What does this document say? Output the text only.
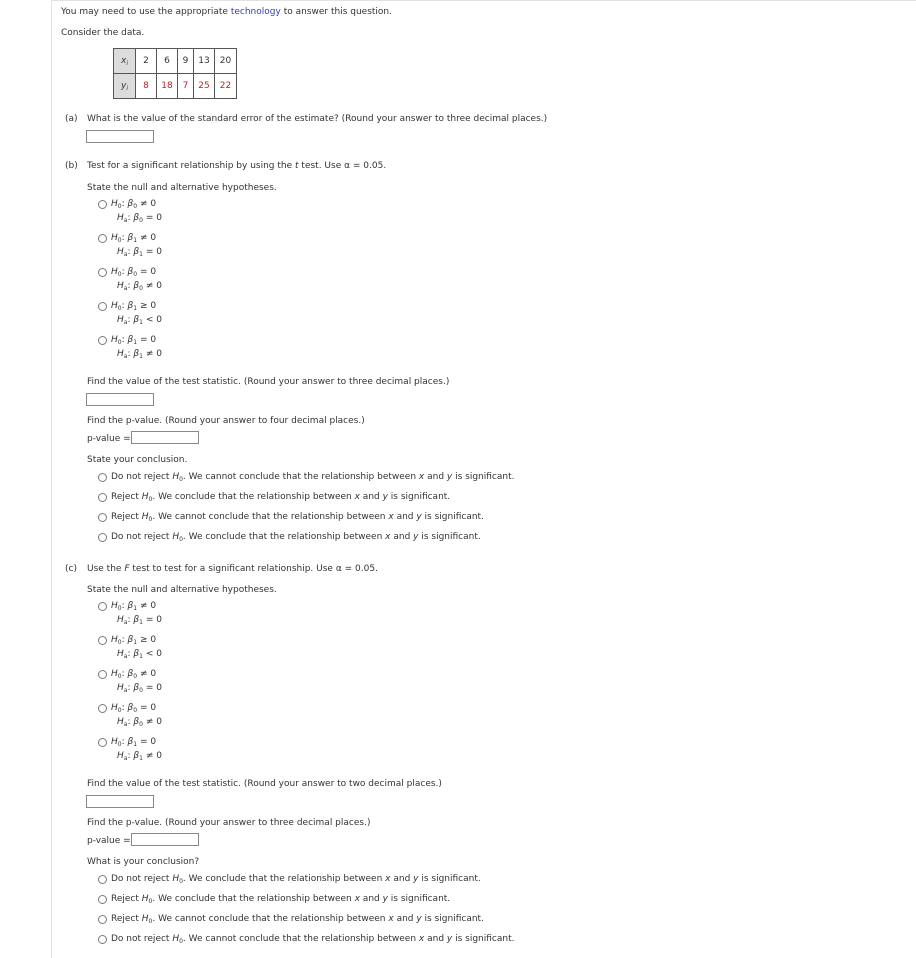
You may need to use the appropriate technology to answer this question.
Consider the data.
$x_i$	2	6	9	13	20
$y_i$	8	18	7	25	22
(a) What is the value of the standard error of the estimate? (Round your answer to three decimal places.)
(b) Test for a significant relationship by using the t test. Use α = 0.05.
State the null and alternative hypotheses.
$H_0$: $\beta_0 \ne 0$
$H_a$: $\beta_0 = 0$
$H_0$: $\beta_1 \ne 0$
$H_a$: $\beta_1 = 0$
$H_0$: $\beta_0 = 0$
$H_a$: $\beta_0 \ne 0$
$H_0$: $\beta_1 \ge 0$
$H_a$: $\beta_1 < 0$
$H_0$: $\beta_1 = 0$
$H_a$: $\beta_1 \ne 0$
Find the value of the test statistic. (Round your answer to three decimal places.)
Find the p-value. (Round your answer to four decimal places.)
p-value =
State your conclusion.
Do not reject $H_0$. We cannot conclude that the relationship between x and y is significant.
Reject $H_0$. We conclude that the relationship between x and y is significant.
Reject $H_0$. We cannot conclude that the relationship between x and y is significant.
Do not reject $H_0$. We conclude that the relationship between x and y is significant.
(c) Use the F test to test for a significant relationship. Use α = 0.05.
State the null and alternative hypotheses.
$H_0$: $\beta_1 \ne 0$
$H_a$: $\beta_1 = 0$
$H_0$: $\beta_1 \ge 0$
$H_a$: $\beta_1 < 0$
$H_0$: $\beta_0 \ne 0$
$H_a$: $\beta_0 = 0$
$H_0$: $\beta_0 = 0$
$H_a$: $\beta_0 \ne 0$
$H_0$: $\beta_1 = 0$
$H_a$: $\beta_1 \ne 0$
Find the value of the test statistic. (Round your answer to two decimal places.)
Find the p-value. (Round your answer to three decimal places.)
p-value =
What is your conclusion?
Do not reject $H_0$. We conclude that the relationship between x and y is significant.
Reject $H_0$. We conclude that the relationship between x and y is significant.
Reject $H_0$. We cannot conclude that the relationship between x and y is significant.
Do not reject $H_0$. We cannot conclude that the relationship between x and y is significant.
